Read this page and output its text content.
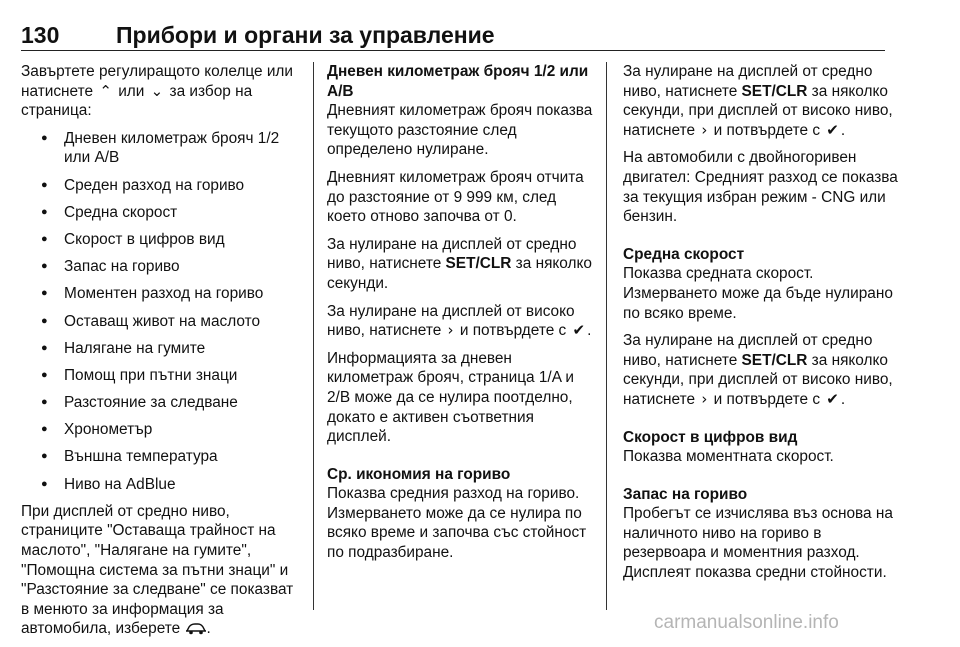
130 Прибори и органи за управление

Завъртете регулиращото колелце или натиснете ⌃ или ⌄ за избор на страница:

● Дневен километраж брояч 1/2 или A/B
● Среден разход на гориво
● Средна скорост
● Скорост в цифров вид
● Запас на гориво
● Моментен разход на гориво
● Оставащ живот на маслото
● Налягане на гумите
● Помощ при пътни знаци
● Разстояние за следване
● Хронометър
● Външна температура
● Ниво на AdBlue

При дисплей от средно ниво, страниците "Оставаща трайност на маслото", "Налягане на гумите", "Помощна система за пътни знаци" и "Разстояние за следване" се показват в менюто за информация за автомобила, изберете .

Дневен километраж брояч 1/2 или A/B

Дневният километраж брояч показва текущото разстояние след определено нулиране.

Дневният километраж брояч отчита до разстояние от 9 999 км, след което отново започва от 0.

За нулиране на дисплей от средно ниво, натиснете SET/CLR за няколко секунди.

За нулиране на дисплей от високо ниво, натиснете › и потвърдете с ✔ .

Информацията за дневен километраж брояч, страница 1/A и 2/B може да се нулира поотделно, докато е активен съответния дисплей.

Ср. икономия на гориво

Показва средния разход на гориво. Измерването може да се нулира по всяко време и започва със стойност по подразбиране.

За нулиране на дисплей от средно ниво, натиснете SET/CLR за няколко секунди, при дисплей от високо ниво, натиснете › и потвърдете с ✔ .

На автомобили с двойногоривен двигател: Средният разход се показва за текущия избран режим - CNG или бензин.

Средна скорост

Показва средната скорост. Измерването може да бъде нулирано по всяко време.

За нулиране на дисплей от средно ниво, натиснете SET/CLR за няколко секунди, при дисплей от високо ниво, натиснете › и потвърдете с ✔ .

Скорост в цифров вид

Показва моментната скорост.

Запас на гориво

Пробегът се изчислява въз основа на наличното ниво на гориво в резервоара и моментния разход. Дисплеят показва средни стойности.

carmanualsonline.info
